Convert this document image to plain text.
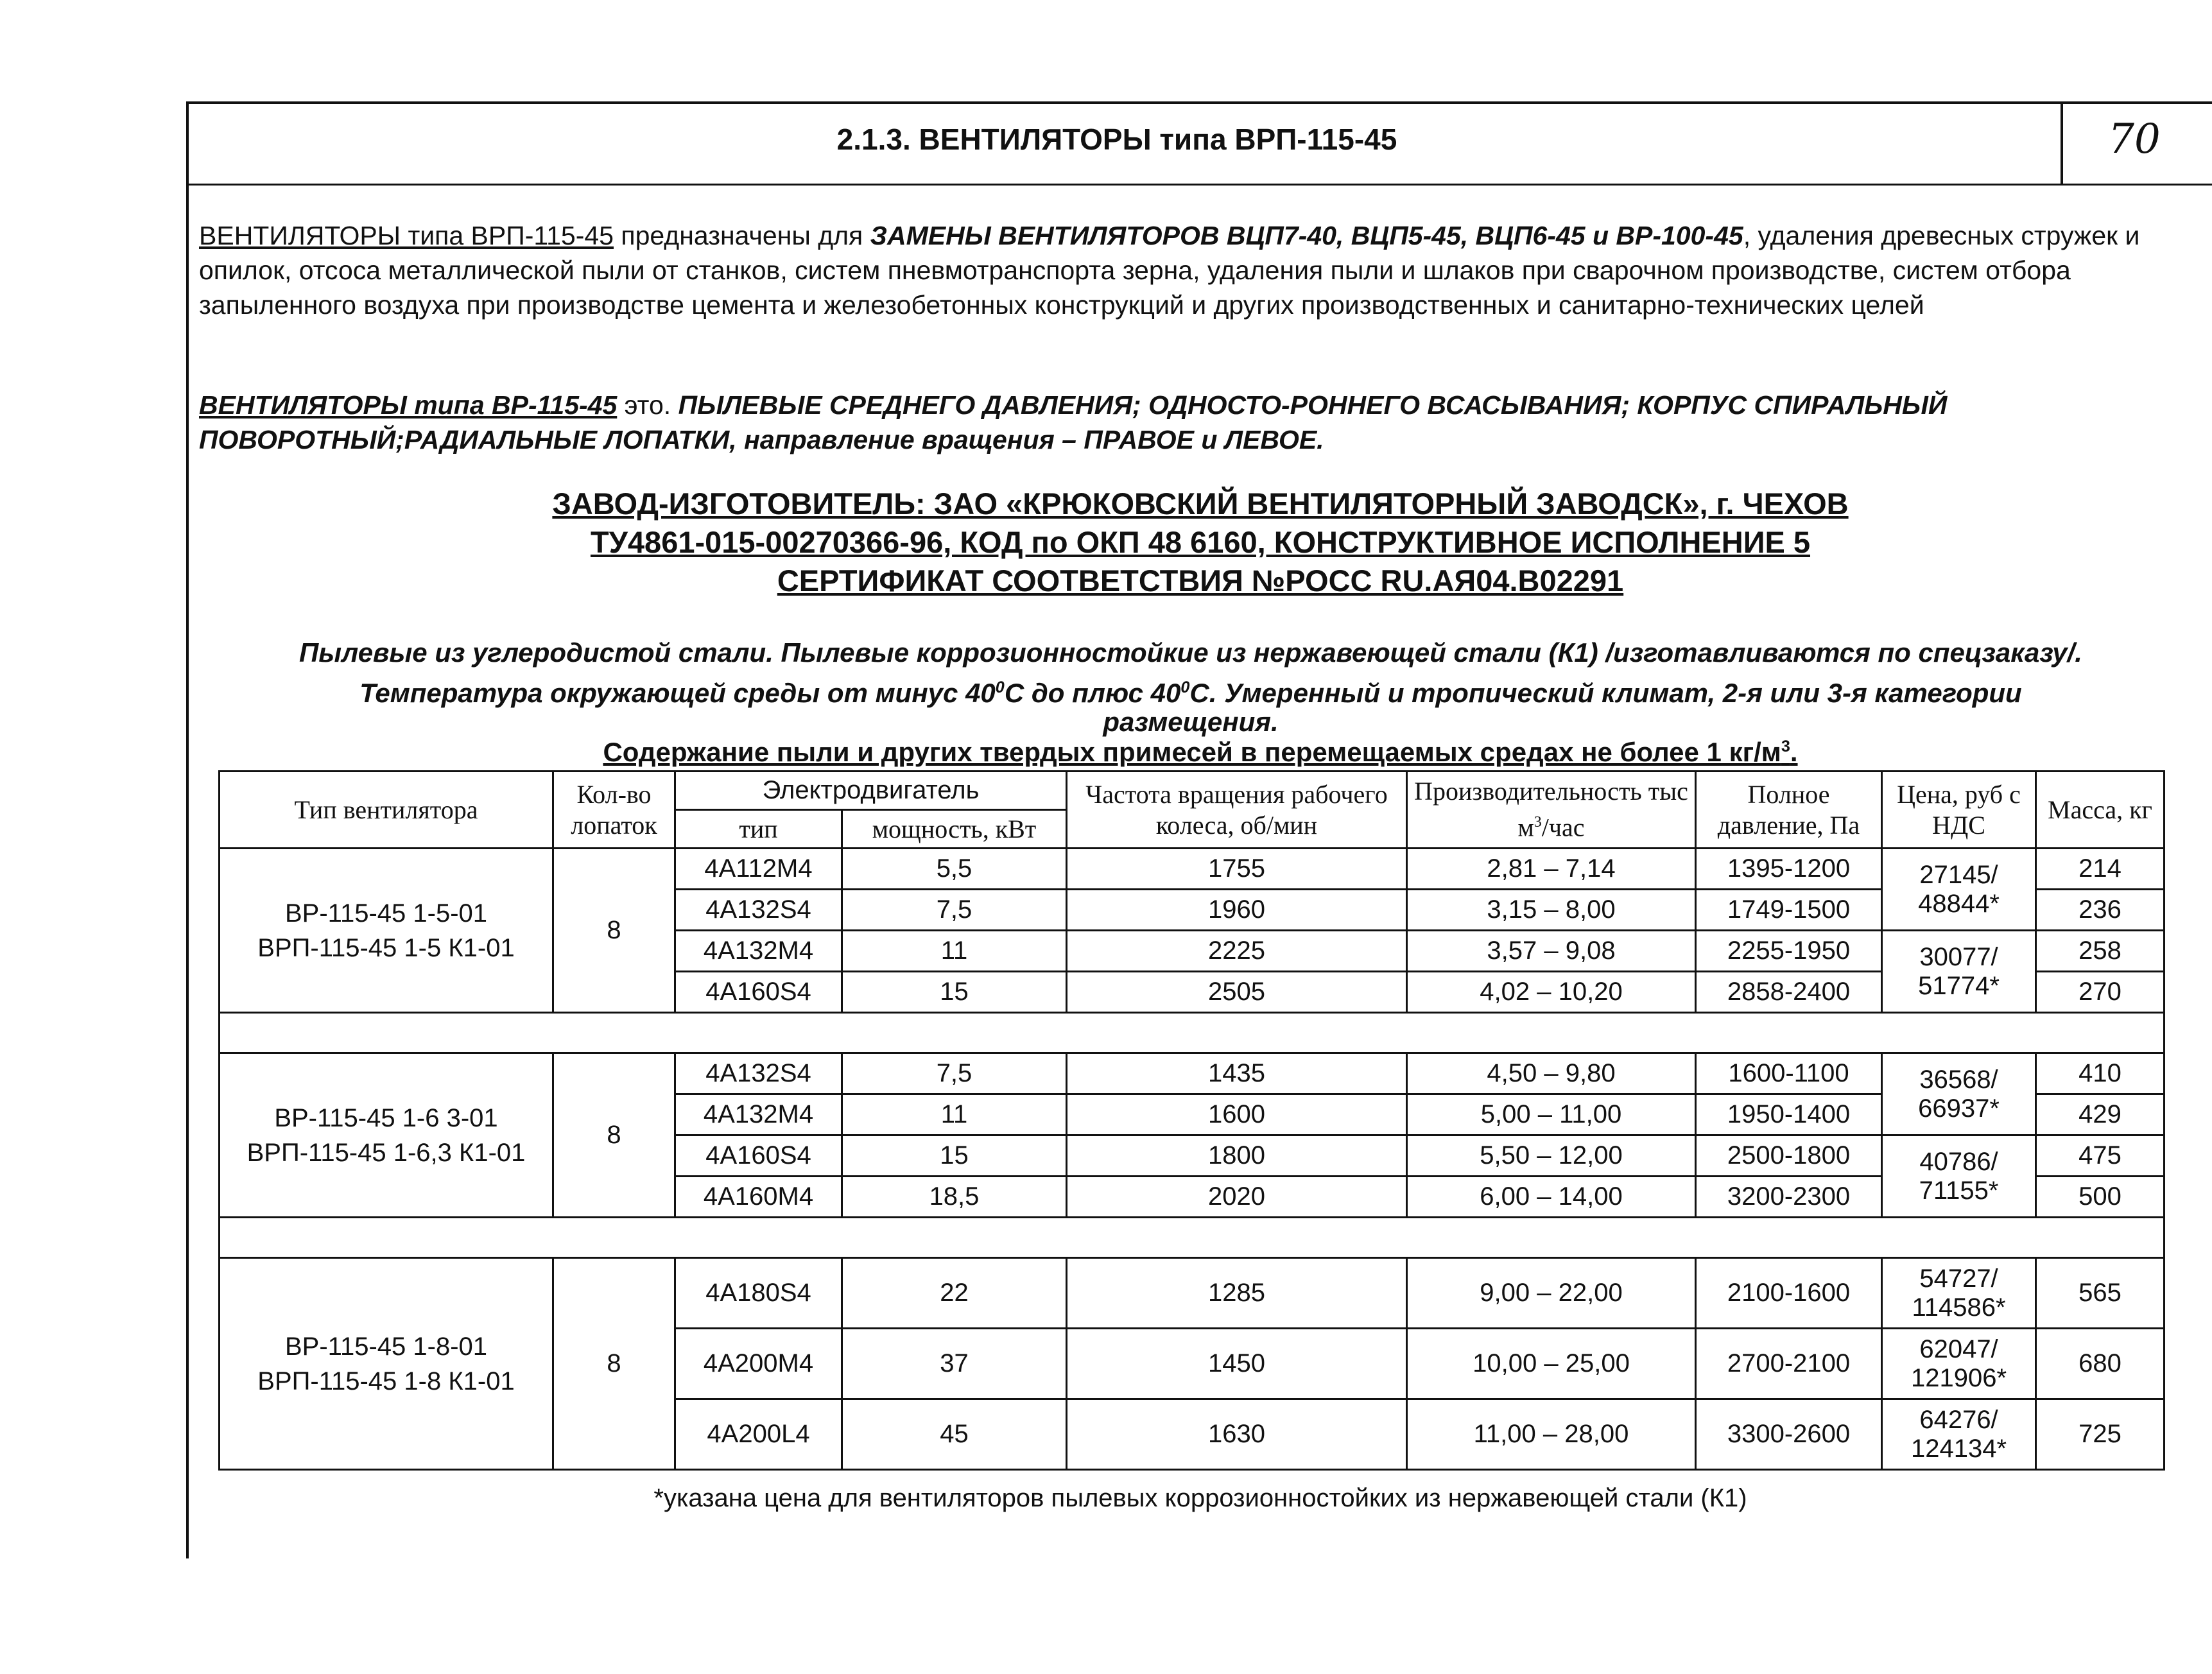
2.1.3. ВЕНТИЛЯТОРЫ типа ВРП-115-45	70
ВЕНТИЛЯТОРЫ типа ВРП-115-45 предназначены для ЗАМЕНЫ ВЕНТИЛЯТОРОВ ВЦП7-40, ВЦП5-45, ВЦП6-45 и ВР-100-45, удаления древесных стружек и опилок, отсоса металлической пыли от станков, систем пневмотранспорта зерна, удаления пыли и шлаков при сварочном производстве, систем отбора запыленного воздуха при производстве цемента и железобетонных конструкций и других производственных и санитарно-технических целей
ВЕНТИЛЯТОРЫ типа ВР-115-45 это. ПЫЛЕВЫЕ СРЕДНЕГО ДАВЛЕНИЯ; ОДНОСТО-РОННЕГО ВСАСЫВАНИЯ; КОРПУС СПИРАЛЬНЫЙ ПОВОРОТНЫЙ;РАДИАЛЬНЫЕ ЛОПАТКИ, направление вращения – ПРАВОЕ и ЛЕВОЕ.
ЗАВОД-ИЗГОТОВИТЕЛЬ: ЗАО «КРЮКОВСКИЙ ВЕНТИЛЯТОРНЫЙ ЗАВОДСК», г. ЧЕХОВ
ТУ4861-015-00270366-96, КОД по ОКП 48 6160, КОНСТРУКТИВНОЕ ИСПОЛНЕНИЕ 5
СЕРТИФИКАТ СООТВЕТСТВИЯ №РОСС RU.АЯ04.В02291
Пылевые из углеродистой стали. Пылевые коррозионностойкие из нержавеющей стали (К1) /изготавливаются по спецзаказу/.
Температура окружающей среды от минус $40^0C$ до плюс $40^0C$. Умеренный и тропический климат, 2-я или 3-я категории
размещения.
Содержание пыли и других твердых примесей в перемещаемых средах не более 1 $кг/м^3$.
Тип вентилятора	Кол-во лопаток	Электродвигатель		Частота вращения рабочего колеса, об/мин	Производительность тыс $м^3$/час	Полное давление, Па	Цена, руб с НДС	Масса, кг
		тип	мощность, кВт					

ВР-115-45 1-5-01
ВРП-115-45 1-5 К1-01	8	4А112М4	5,5	1755	2,81 – 7,14	1395-1200	27145/ 48844*	214
		4А132S4	7,5	1960	3,15 – 8,00	1749-1500		236
		4А132М4	11	2225	3,57 – 9,08	2255-1950	30077/ 51774*	258
		4А160S4	15	2505	4,02 – 10,20	2858-2400		270

ВР-115-45 1-6 3-01
ВРП-115-45 1-6,3 К1-01	8	4А132S4	7,5	1435	4,50 – 9,80	1600-1100	36568/ 66937*	410
		4А132М4	11	1600	5,00 – 11,00	1950-1400		429
		4А160S4	15	1800	5,50 – 12,00	2500-1800	40786/ 71155*	475
		4А160М4	18,5	2020	6,00 – 14,00	3200-2300		500

ВР-115-45 1-8-01
ВРП-115-45 1-8 К1-01	8	4А180S4	22	1285	9,00 – 22,00	2100-1600	54727/ 114586*	565
		4А200М4	37	1450	10,00 – 25,00	2700-2100	62047/ 121906*	680
		4А200L4	45	1630	11,00 – 28,00	3300-2600	64276/ 124134*	725
*указана цена для вентиляторов пылевых коррозионностойких из нержавеющей стали (К1)
